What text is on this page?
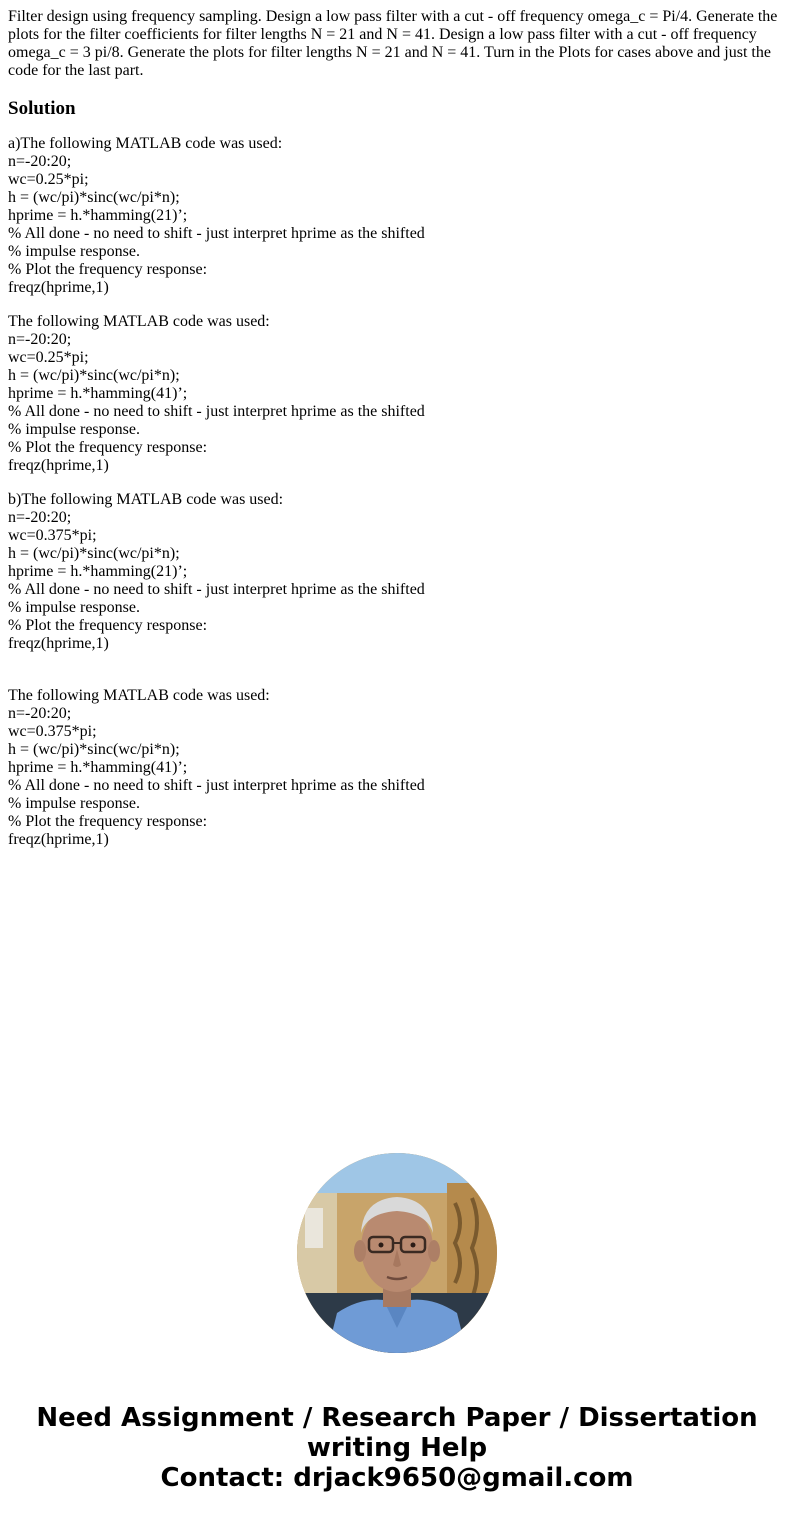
Filter design using frequency sampling. Design a low pass filter with a cut - off frequency omega_c = Pi/4. Generate the plots for the filter coefficients for filter lengths N = 21 and N = 41. Design a low pass filter with a cut - off frequency omega_c = 3 pi/8. Generate the plots for filter lengths N = 21 and N = 41. Turn in the Plots for cases above and just the code for the last part.

Solution
a)The following MATLAB code was used:
n=-20:20;
wc=0.25*pi;
h = (wc/pi)*sinc(wc/pi*n);
hprime = h.*hamming(21)’;
% All done - no need to shift - just interpret hprime as the shifted
% impulse response.
% Plot the frequency response:
freqz(hprime,1)
The following MATLAB code was used:
n=-20:20;
wc=0.25*pi;
h = (wc/pi)*sinc(wc/pi*n);
hprime = h.*hamming(41)’;
% All done - no need to shift - just interpret hprime as the shifted
% impulse response.
% Plot the frequency response:
freqz(hprime,1)
b)The following MATLAB code was used:
n=-20:20;
wc=0.375*pi;
h = (wc/pi)*sinc(wc/pi*n);
hprime = h.*hamming(21)’;
% All done - no need to shift - just interpret hprime as the shifted
% impulse response.
% Plot the frequency response:
freqz(hprime,1)
The following MATLAB code was used:
n=-20:20;
wc=0.375*pi;
h = (wc/pi)*sinc(wc/pi*n);
hprime = h.*hamming(41)’;
% All done - no need to shift - just interpret hprime as the shifted
% impulse response.
% Plot the frequency response:
freqz(hprime,1)
Need Assignment / Research Paper / Dissertation
writing Help
Contact: drjack9650@gmail.com
